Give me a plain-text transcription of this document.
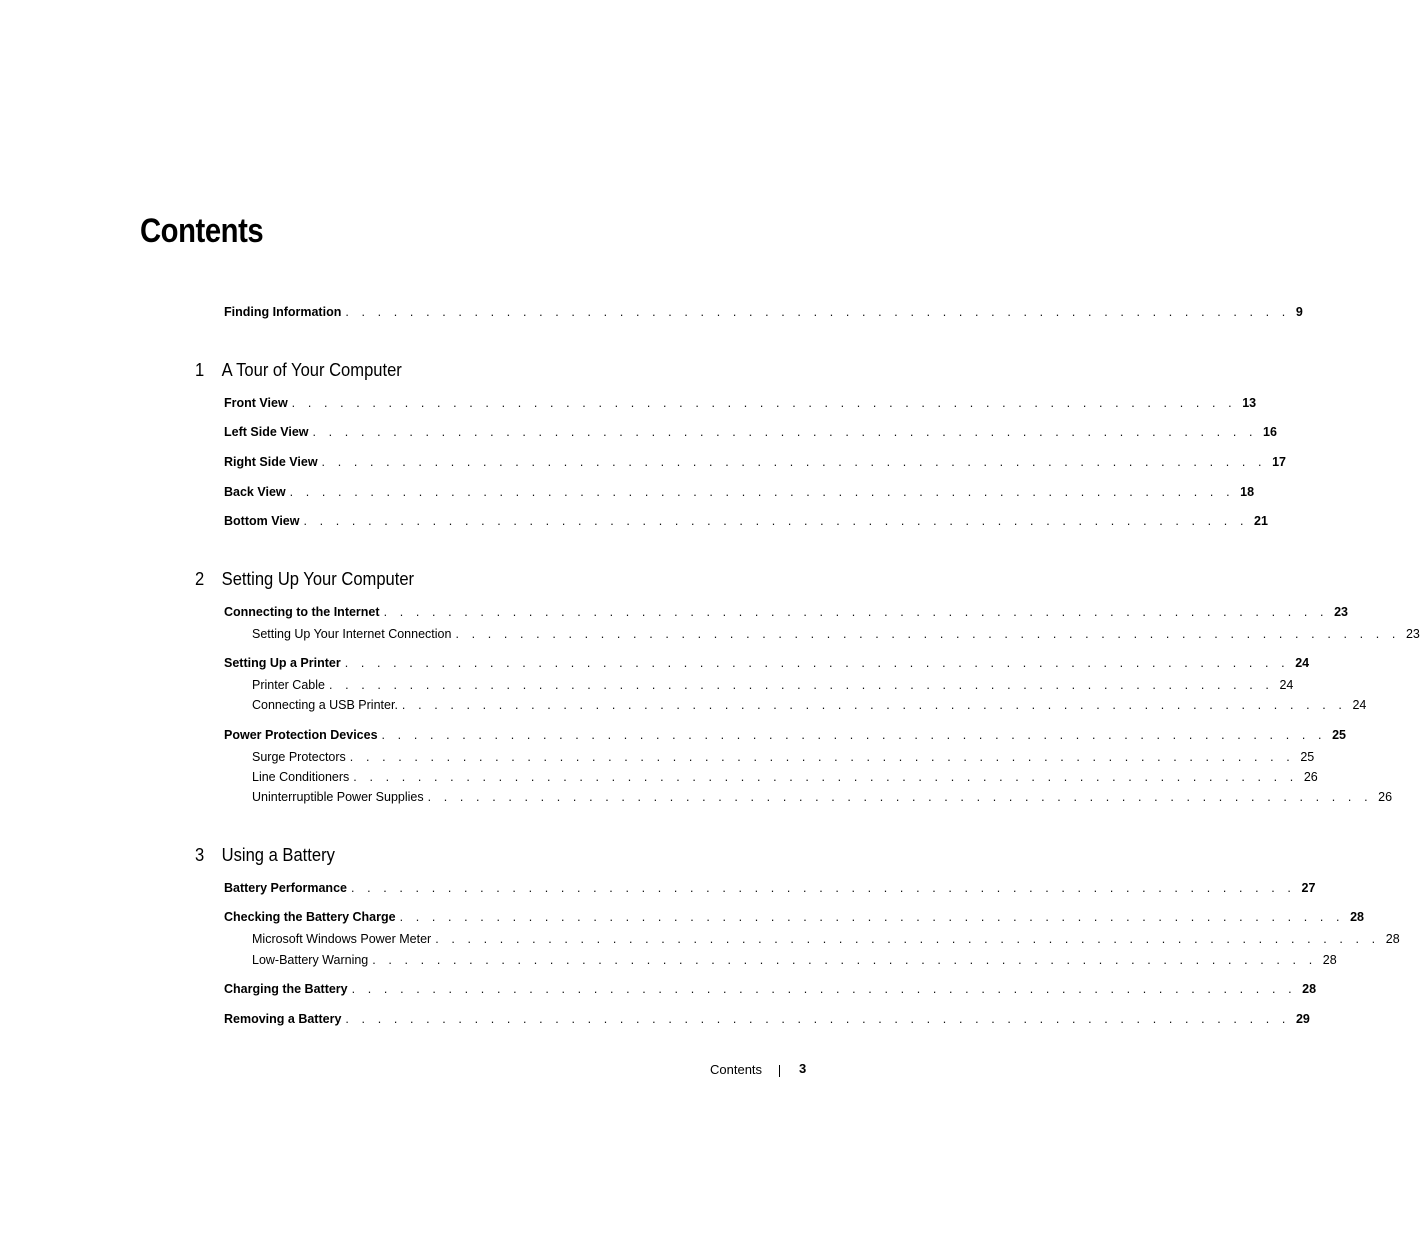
Contents
Finding Information . . . . . . . . . . . . . . . . . . . . . . . . . . . . . . . . . . . . . . . . . . . . . . . . . . . . . . . . . . . 9
1 A Tour of Your Computer
Front View . . . . . . . . . . . . . . . . . . . . . . . . . . . . . . . . . . . . . . . . . . . . . . . . . . . . . . . . . . . 13
Left Side View . . . . . . . . . . . . . . . . . . . . . . . . . . . . . . . . . . . . . . . . . . . . . . . . . . . . . . . . . . . 16
Right Side View . . . . . . . . . . . . . . . . . . . . . . . . . . . . . . . . . . . . . . . . . . . . . . . . . . . . . . . . . . . 17
Back View . . . . . . . . . . . . . . . . . . . . . . . . . . . . . . . . . . . . . . . . . . . . . . . . . . . . . . . . . . . 18
Bottom View . . . . . . . . . . . . . . . . . . . . . . . . . . . . . . . . . . . . . . . . . . . . . . . . . . . . . . . . . . . 21
2 Setting Up Your Computer
Connecting to the Internet . . . . . . . . . . . . . . . . . . . . . . . . . . . . . . . . . . . . . . . . . . . . . . . . . . . . . . . . . . . 23
Setting Up Your Internet Connection . . . . . . . . . . . . . . . . . . . . . . . . . . . . . . . . . . . . . . . . . . . . . . . . . . . . . . . . . . . 23
Setting Up a Printer . . . . . . . . . . . . . . . . . . . . . . . . . . . . . . . . . . . . . . . . . . . . . . . . . . . . . . . . . . . 24
Printer Cable . . . . . . . . . . . . . . . . . . . . . . . . . . . . . . . . . . . . . . . . . . . . . . . . . . . . . . . . . . . 24
Connecting a USB Printer. . . . . . . . . . . . . . . . . . . . . . . . . . . . . . . . . . . . . . . . . . . . . . . . . . . . . . . . . . . . 24
Power Protection Devices . . . . . . . . . . . . . . . . . . . . . . . . . . . . . . . . . . . . . . . . . . . . . . . . . . . . . . . . . . . 25
Surge Protectors . . . . . . . . . . . . . . . . . . . . . . . . . . . . . . . . . . . . . . . . . . . . . . . . . . . . . . . . . . . 25
Line Conditioners . . . . . . . . . . . . . . . . . . . . . . . . . . . . . . . . . . . . . . . . . . . . . . . . . . . . . . . . . . . 26
Uninterruptible Power Supplies . . . . . . . . . . . . . . . . . . . . . . . . . . . . . . . . . . . . . . . . . . . . . . . . . . . . . . . . . . . 26
3 Using a Battery
Battery Performance . . . . . . . . . . . . . . . . . . . . . . . . . . . . . . . . . . . . . . . . . . . . . . . . . . . . . . . . . . . 27
Checking the Battery Charge . . . . . . . . . . . . . . . . . . . . . . . . . . . . . . . . . . . . . . . . . . . . . . . . . . . . . . . . . . . 28
Microsoft Windows Power Meter . . . . . . . . . . . . . . . . . . . . . . . . . . . . . . . . . . . . . . . . . . . . . . . . . . . . . . . . . . . 28
Low-Battery Warning . . . . . . . . . . . . . . . . . . . . . . . . . . . . . . . . . . . . . . . . . . . . . . . . . . . . . . . . . . . 28
Charging the Battery . . . . . . . . . . . . . . . . . . . . . . . . . . . . . . . . . . . . . . . . . . . . . . . . . . . . . . . . . . . 28
Removing a Battery . . . . . . . . . . . . . . . . . . . . . . . . . . . . . . . . . . . . . . . . . . . . . . . . . . . . . . . . . . . 29
Contents	3
